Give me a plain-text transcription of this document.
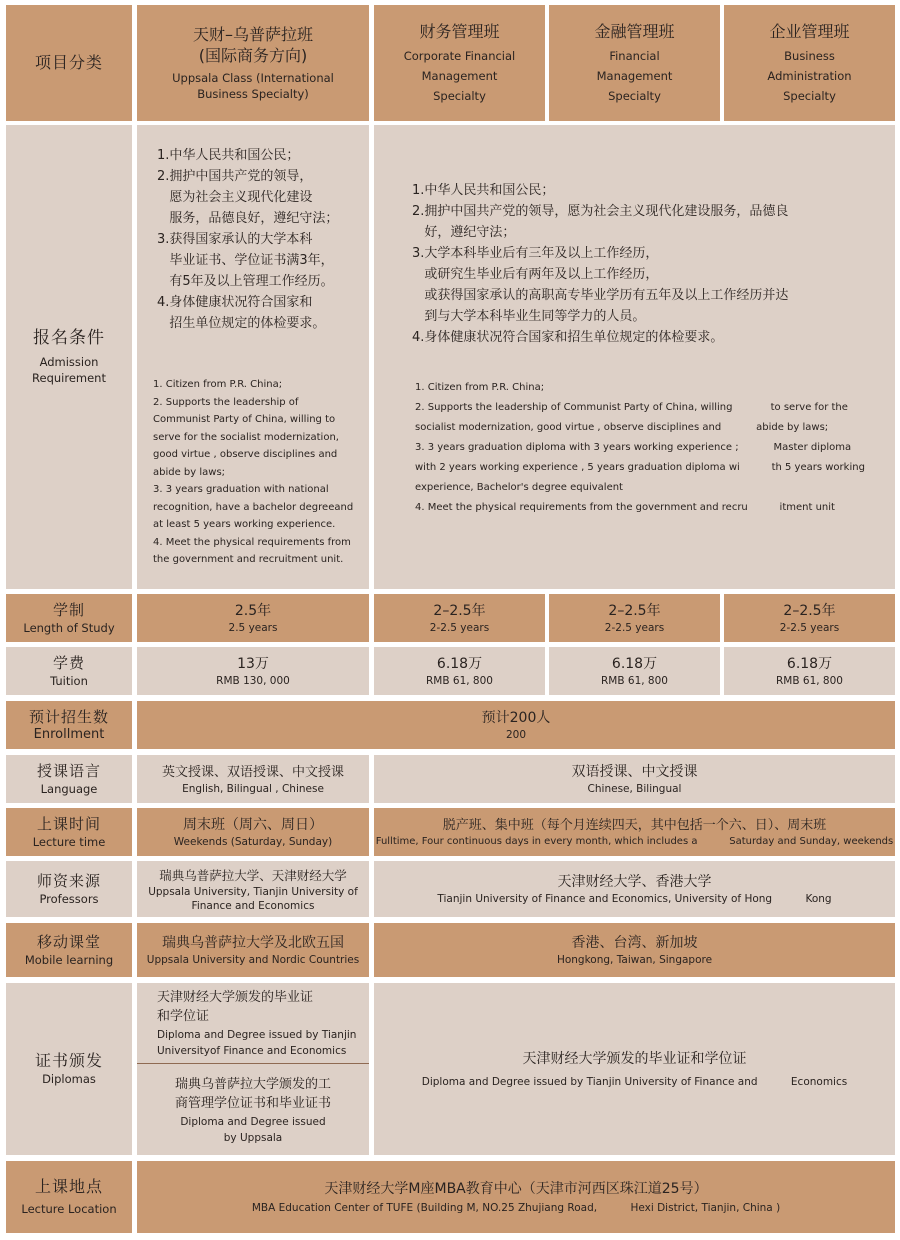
项目分类
天财–乌普萨拉班
(国际商务方向)
Uppsala Class (International
Business Specialty)
财务管理班
Corporate Financial
Management
Specialty
金融管理班
Financial
Management
Specialty
企业管理班
Business
Administration
Specialty
报名条件
Admission
Requirement
1.中华人民共和国公民；
2.拥护中国共产党的领导，
愿为社会主义现代化建设
服务，品德良好，遵纪守法；
3.获得国家承认的大学本科
毕业证书、学位证书满3年，
有5年及以上管理工作经历。
4.身体健康状况符合国家和
招生单位规定的体检要求。
1. Citizen from P.R. China;
2. Supports the leadership of
Communist Party of China, willing to
serve for the socialist modernization,
good virtue , observe disciplines and
abide by laws;
3. 3 years graduation with national
recognition, have a bachelor degreeand
at least 5 years working experience.
4. Meet the physical requirements from
the government and recruitment unit.
1.中华人民共和国公民；
2.拥护中国共产党的领导，愿为社会主义现代化建设服务，品德良
好，遵纪守法；
3.大学本科毕业后有三年及以上工作经历，
或研究生毕业后有两年及以上工作经历，
或获得国家承认的高职高专毕业学历有五年及以上工作经历并达
到与大学本科毕业生同等学力的人员。
4.身体健康状况符合国家和招生单位规定的体检要求。
1. Citizen from P.R. China;
2. Supports the leadership of Communist Party of China, willing            to serve for the
socialist modernization, good virtue , observe disciplines and           abide by laws;
3. 3 years graduation diploma with 3 years working experience ;           Master diploma
with 2 years working experience , 5 years graduation diploma wi          th 5 years working
experience, Bachelor's degree equivalent
4. Meet the physical requirements from the government and recru          itment unit
学制
Length of Study
2.5年
2.5 years
2–2.5年
2-2.5 years
2–2.5年
2-2.5 years
2–2.5年
2-2.5 years
学费
Tuition
13万
RMB 130, 000
6.18万
RMB 61, 800
6.18万
RMB 61, 800
6.18万
RMB 61, 800
预计招生数
Enrollment
预计200人
200
授课语言
Language
英文授课、双语授课、中文授课
English, Bilingual , Chinese
双语授课、中文授课
Chinese, Bilingual
上课时间
Lecture time
周末班（周六、周日）
Weekends (Saturday, Sunday)
脱产班、集中班（每个月连续四天，其中包括一个六、日）、周末班
Fulltime, Four continuous days in every month, which includes a          Saturday and Sunday, weekends
师资来源
Professors
瑞典乌普萨拉大学、天津财经大学
Uppsala University, Tianjin University of
Finance and Economics
天津财经大学、香港大学
Tianjin University of Finance and Economics, University of Hong          Kong
移动课堂
Mobile learning
瑞典乌普萨拉大学及北欧五国
Uppsala University and Nordic Countries
香港、台湾、新加坡
Hongkong, Taiwan, Singapore
证书颁发
Diplomas
天津财经大学颁发的毕业证
和学位证
Diploma and Degree issued by Tianjin
Universityof Finance and Economics
瑞典乌普萨拉大学颁发的工
商管理学位证书和毕业证书
Diploma and Degree issued
by Uppsala
天津财经大学颁发的毕业证和学位证
Diploma and Degree issued by Tianjin University of Finance and          Economics
上课地点
Lecture Location
天津财经大学M座MBA教育中心（天津市河西区珠江道25号）
MBA Education Center of TUFE (Building M, NO.25 Zhujiang Road,          Hexi District, Tianjin, China )
